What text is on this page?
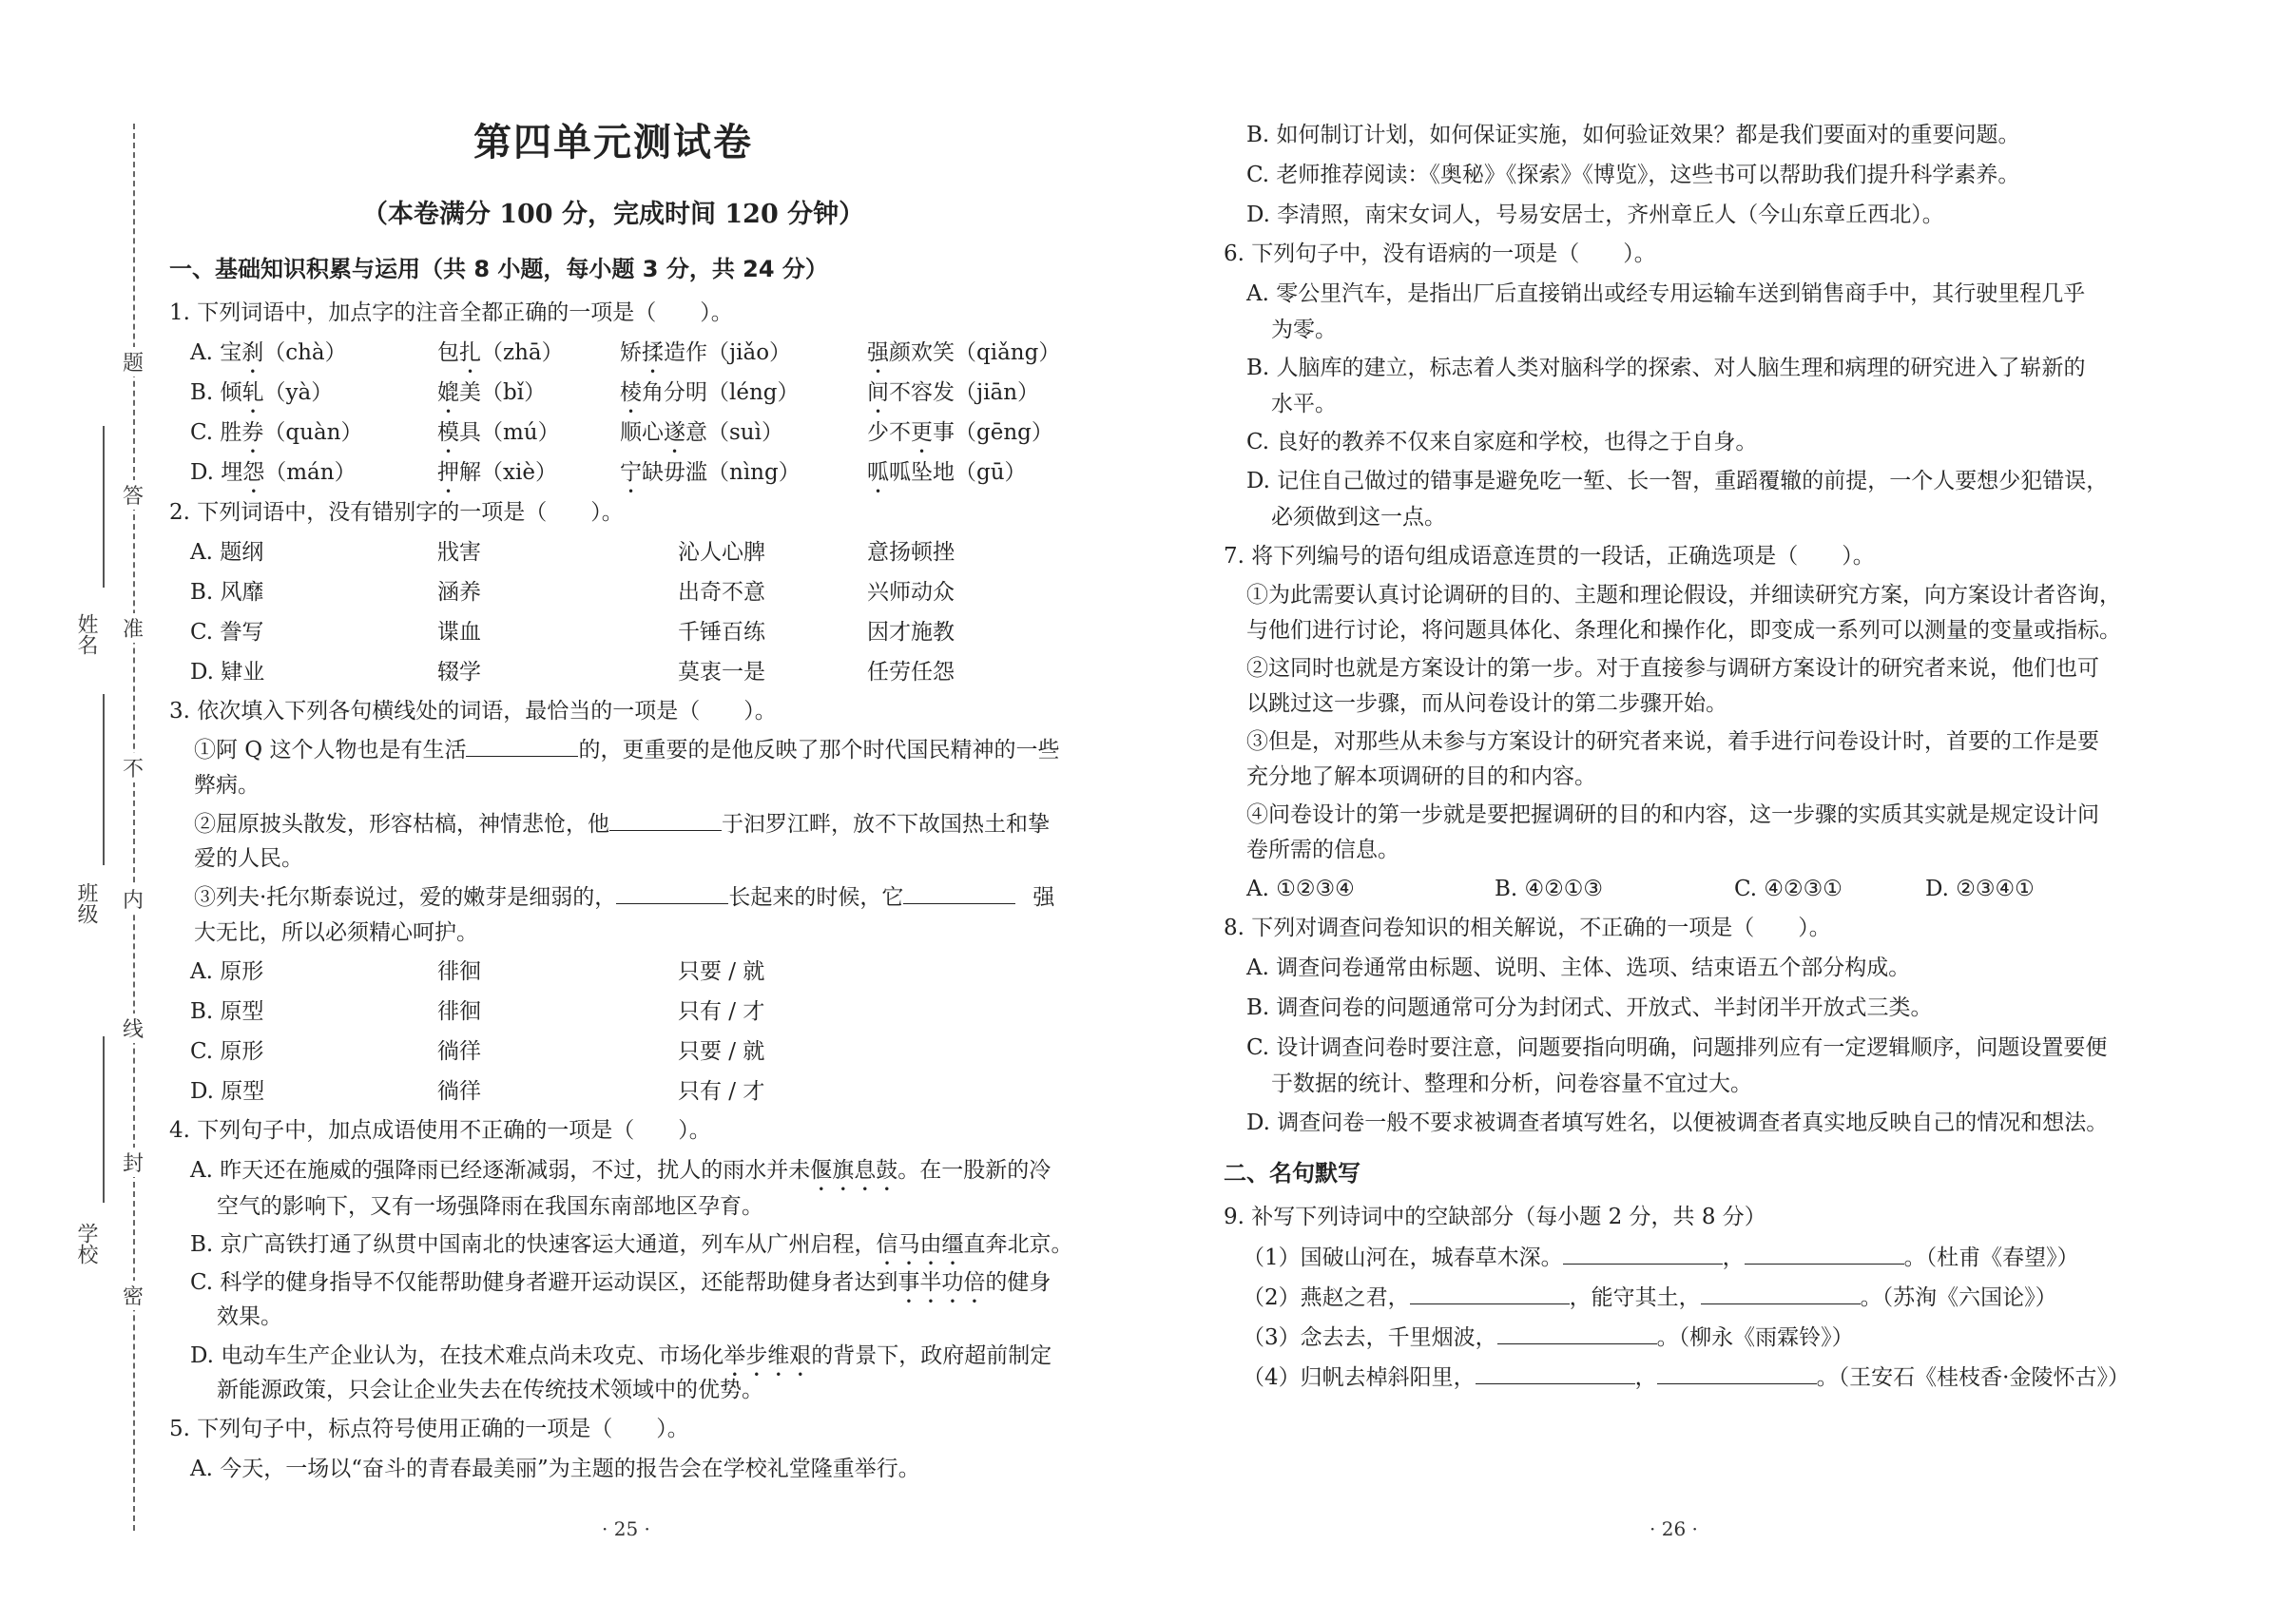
题
答
准
不
内
线
封
密
姓名
班级
学校
第四单元测试卷
（本卷满分 100 分，完成时间 120 分钟）
一、基础知识积累与运用（共 8 小题，每小题 3 分，共 24 分）
1. 下列词语中，加点字的注音全都正确的一项是（　　）。
A. 宝刹（chà）	包扎（zhā）	矫揉造作（jiǎo）	强颜欢笑（qiǎng）
B. 倾轧（yà）	媲美（bǐ）	棱角分明（léng）	间不容发（jiān）
C. 胜券（quàn）	模具（mú）	顺心遂意（suì）	少不更事（gēng）
D. 埋怨（mán）	押解（xiè）	宁缺毋滥（nìng）	呱呱坠地（gū）
2. 下列词语中，没有错别字的一项是（　　）。
A. 题纲	戕害	沁人心脾	意扬顿挫
B. 风靡	涵养	出奇不意	兴师动众
C. 誊写	谍血	千锤百练	因才施教
D. 肄业	辍学	莫衷一是	任劳任怨
3. 依次填入下列各句横线处的词语，最恰当的一项是（　　）。
①阿 Q 这个人物也是有生活	的，更重要的是他反映了那个时代国民精神的一些
弊病。
②屈原披头散发，形容枯槁，神情悲怆，他	于汩罗江畔，放不下故国热土和挚
爱的人民。
③列夫·托尔斯泰说过，爱的嫩芽是细弱的，	长起来的时候，它	强
大无比，所以必须精心呵护。
A. 原形	徘徊	只要 / 就
B. 原型	徘徊	只有 / 才
C. 原形	徜徉	只要 / 就
D. 原型	徜徉	只有 / 才
4. 下列句子中，加点成语使用不正确的一项是（　　）。
A. 昨天还在施威的强降雨已经逐渐减弱，不过，扰人的雨水并未偃旗息鼓。在一股新的冷
空气的影响下，又有一场强降雨在我国东南部地区孕育。
B. 京广高铁打通了纵贯中国南北的快速客运大通道，列车从广州启程，信马由缰直奔北京。
C. 科学的健身指导不仅能帮助健身者避开运动误区，还能帮助健身者达到事半功倍的健身
效果。
D. 电动车生产企业认为，在技术难点尚未攻克、市场化举步维艰的背景下，政府超前制定
新能源政策，只会让企业失去在传统技术领域中的优势。
5. 下列句子中，标点符号使用正确的一项是（　　）。
A. 今天，一场以“奋斗的青春最美丽”为主题的报告会在学校礼堂隆重举行。
· 25 ·
B. 如何制订计划，如何保证实施，如何验证效果？都是我们要面对的重要问题。
C. 老师推荐阅读：《奥秘》《探索》《博览》，这些书可以帮助我们提升科学素养。
D. 李清照，南宋女词人，号易安居士，齐州章丘人（今山东章丘西北）。
6. 下列句子中，没有语病的一项是（　　）。
A. 零公里汽车，是指出厂后直接销出或经专用运输车送到销售商手中，其行驶里程几乎
为零。
B. 人脑库的建立，标志着人类对脑科学的探索、对人脑生理和病理的研究进入了崭新的
水平。
C. 良好的教养不仅来自家庭和学校，也得之于自身。
D. 记住自己做过的错事是避免吃一堑、长一智，重蹈覆辙的前提，一个人要想少犯错误，
必须做到这一点。
7. 将下列编号的语句组成语意连贯的一段话，正确选项是（　　）。
①为此需要认真讨论调研的目的、主题和理论假设，并细读研究方案，向方案设计者咨询，
与他们进行讨论，将问题具体化、条理化和操作化，即变成一系列可以测量的变量或指标。
②这同时也就是方案设计的第一步。对于直接参与调研方案设计的研究者来说，他们也可
以跳过这一步骤，而从问卷设计的第二步骤开始。
③但是，对那些从未参与方案设计的研究者来说，着手进行问卷设计时，首要的工作是要
充分地了解本项调研的目的和内容。
④问卷设计的第一步就是要把握调研的目的和内容，这一步骤的实质其实就是规定设计问
卷所需的信息。
A. ①②③④	B. ④②①③	C. ④②③①	D. ②③④①
8. 下列对调查问卷知识的相关解说，不正确的一项是（　　）。
A. 调查问卷通常由标题、说明、主体、选项、结束语五个部分构成。
B. 调查问卷的问题通常可分为封闭式、开放式、半封闭半开放式三类。
C. 设计调查问卷时要注意，问题要指向明确，问题排列应有一定逻辑顺序，问题设置要便
于数据的统计、整理和分析，问卷容量不宜过大。
D. 调查问卷一般不要求被调查者填写姓名，以便被调查者真实地反映自己的情况和想法。
二、名句默写
9. 补写下列诗词中的空缺部分（每小题 2 分，共 8 分）
（1）国破山河在，城春草木深。	，	。（杜甫《春望》）
（2）燕赵之君，	，能守其土，	。（苏洵《六国论》）
（3）念去去，千里烟波，	。（柳永《雨霖铃》）
（4）归帆去棹斜阳里，	，	。（王安石《桂枝香·金陵怀古》）
· 26 ·
